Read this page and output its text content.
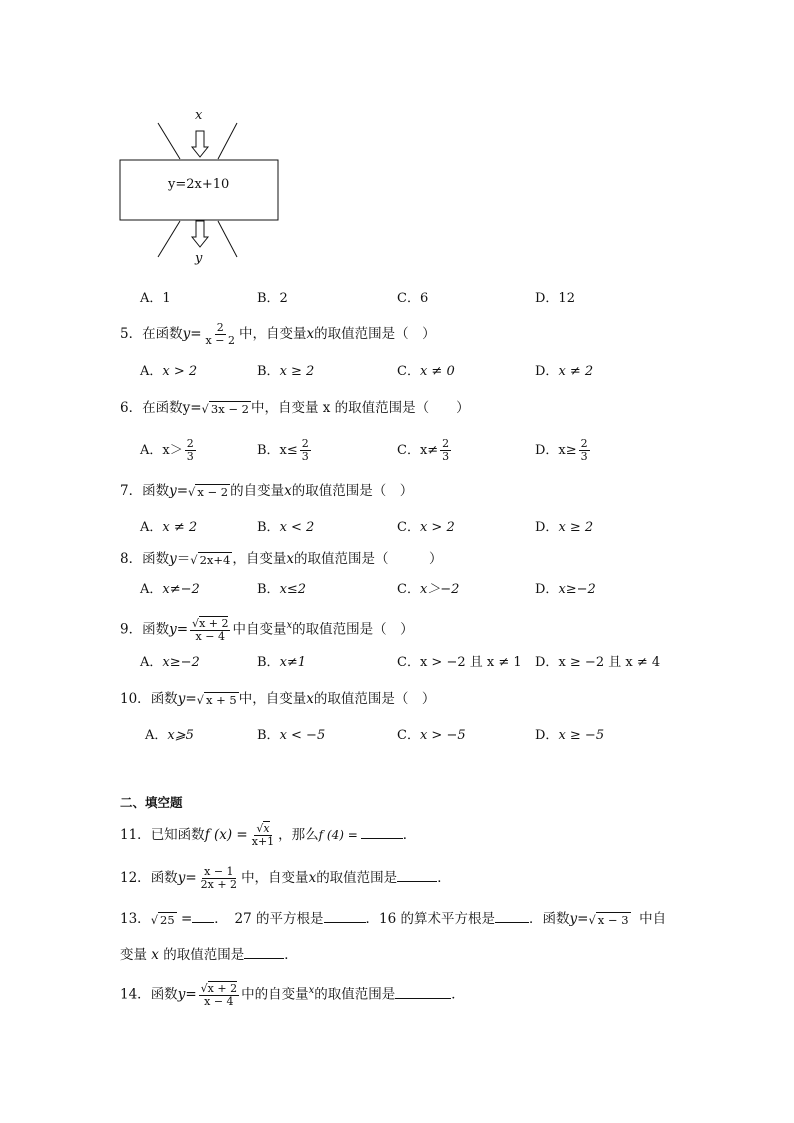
x
y=2x+10
y
A．1	B．2	C．6	D．12
5．在函数$y= \frac{2}{x - 2}$ 中，自变量x的取值范围是（　）
A．x > 2	B．x ≥ 2	C．x ≠ 0	D．x ≠ 2
6．在函数y=√ 3x − 2 中，自变量 x 的取值范围是（　　）
A．$x> \frac{2}{3}$	B．$x\le \frac{2}{3}$	C．$x\ne \frac{2}{3}$	D．$x\ge \frac{2}{3}$
7．函数y=√ x − 2 的自变量x的取值范围是（　）
A．x ≠ 2	B．x < 2	C．x > 2	D．x ≥ 2
8．函数y＝√ 2x+4 ，自变量x的取值范围是（　　　）
A．x≠−2	B．x≤2	C．x＞−2	D．x≥−2
9．函数$y= \frac{√x + 2}{x - 4}$ 中自变量$^x$的取值范围是（　）
A．x≥−2	B．x≠1	C．x > −2 且 x ≠ 1 D．x ≥ −2 且 x ≠ 4
10．函数y=√ x + 5 中，自变量x的取值范围是（　）
A．x⩾5	B．x < −5	C．x > −5	D．x ≥ −5
二、填空题
11．已知函数f $(x) = \frac{√x}{x+1}$ ，那么f (4) =	．
12．函数$y= \frac{x - 1}{2x + 2}$ 中，自变量x的取值范围是	．
13．√ 25 = ．　27 的平方根是	．16 的算术平方根是	．函数y=√ x − 3 中自
变量 x 的取值范围是	．
14．函数$y= \frac{√x + 2}{x - 4}$ 中的自变量$^x$的取值范围是	．
